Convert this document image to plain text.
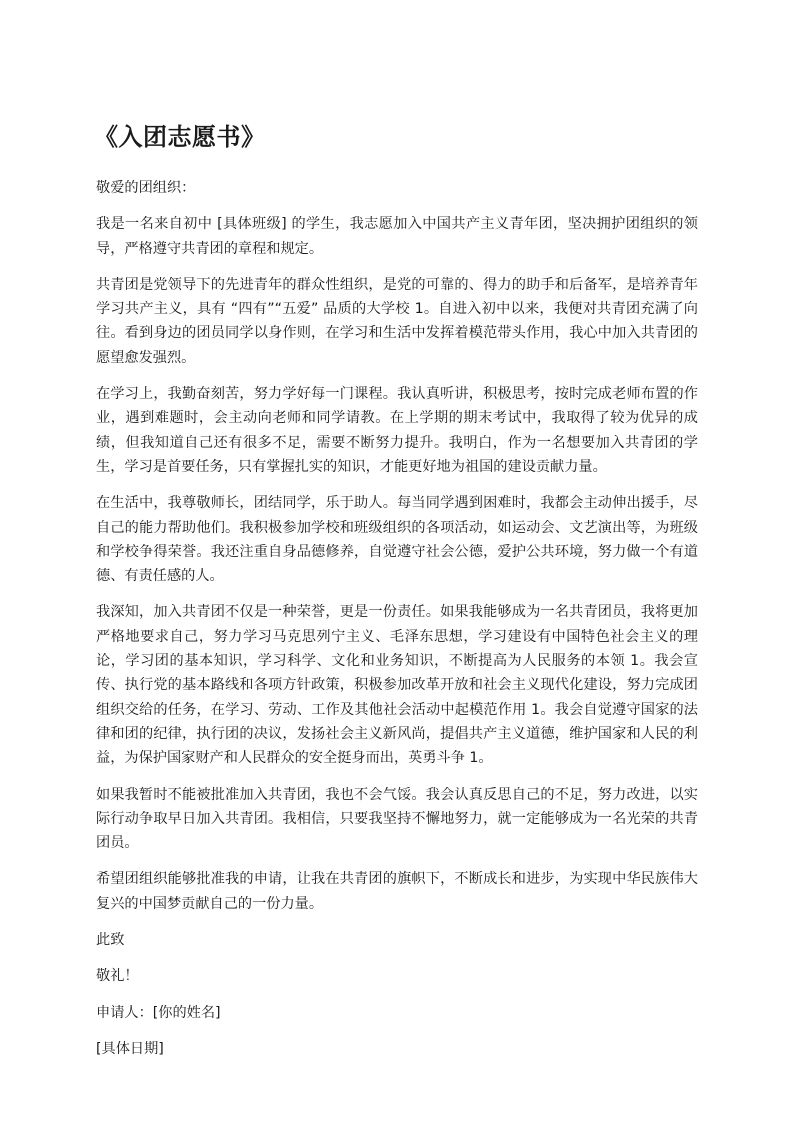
《入团志愿书》

敬爱的团组织：

我是一名来自初中 [具体班级] 的学生，我志愿加入中国共产主义青年团，坚决拥护团组织的领导，严格遵守共青团的章程和规定。

共青团是党领导下的先进青年的群众性组织，是党的可靠的、得力的助手和后备军，是培养青年学习共产主义，具有 “四有”“五爱” 品质的大学校 1。自进入初中以来，我便对共青团充满了向往。看到身边的团员同学以身作则，在学习和生活中发挥着模范带头作用，我心中加入共青团的愿望愈发强烈。

在学习上，我勤奋刻苦，努力学好每一门课程。我认真听讲，积极思考，按时完成老师布置的作业，遇到难题时，会主动向老师和同学请教。在上学期的期末考试中，我取得了较为优异的成绩，但我知道自己还有很多不足，需要不断努力提升。我明白，作为一名想要加入共青团的学生，学习是首要任务，只有掌握扎实的知识，才能更好地为祖国的建设贡献力量。

在生活中，我尊敬师长，团结同学，乐于助人。每当同学遇到困难时，我都会主动伸出援手，尽自己的能力帮助他们。我积极参加学校和班级组织的各项活动，如运动会、文艺演出等，为班级和学校争得荣誉。我还注重自身品德修养，自觉遵守社会公德，爱护公共环境，努力做一个有道德、有责任感的人。

我深知，加入共青团不仅是一种荣誉，更是一份责任。如果我能够成为一名共青团员，我将更加严格地要求自己，努力学习马克思列宁主义、毛泽东思想，学习建设有中国特色社会主义的理论，学习团的基本知识，学习科学、文化和业务知识，不断提高为人民服务的本领 1。我会宣传、执行党的基本路线和各项方针政策，积极参加改革开放和社会主义现代化建设，努力完成团组织交给的任务，在学习、劳动、工作及其他社会活动中起模范作用 1。我会自觉遵守国家的法律和团的纪律，执行团的决议，发扬社会主义新风尚，提倡共产主义道德，维护国家和人民的利益，为保护国家财产和人民群众的安全挺身而出，英勇斗争 1。

如果我暂时不能被批准加入共青团，我也不会气馁。我会认真反思自己的不足，努力改进，以实际行动争取早日加入共青团。我相信，只要我坚持不懈地努力，就一定能够成为一名光荣的共青团员。

希望团组织能够批准我的申请，让我在共青团的旗帜下，不断成长和进步，为实现中华民族伟大复兴的中国梦贡献自己的一份力量。

此致

敬礼！

申请人：[你的姓名]

[具体日期]
